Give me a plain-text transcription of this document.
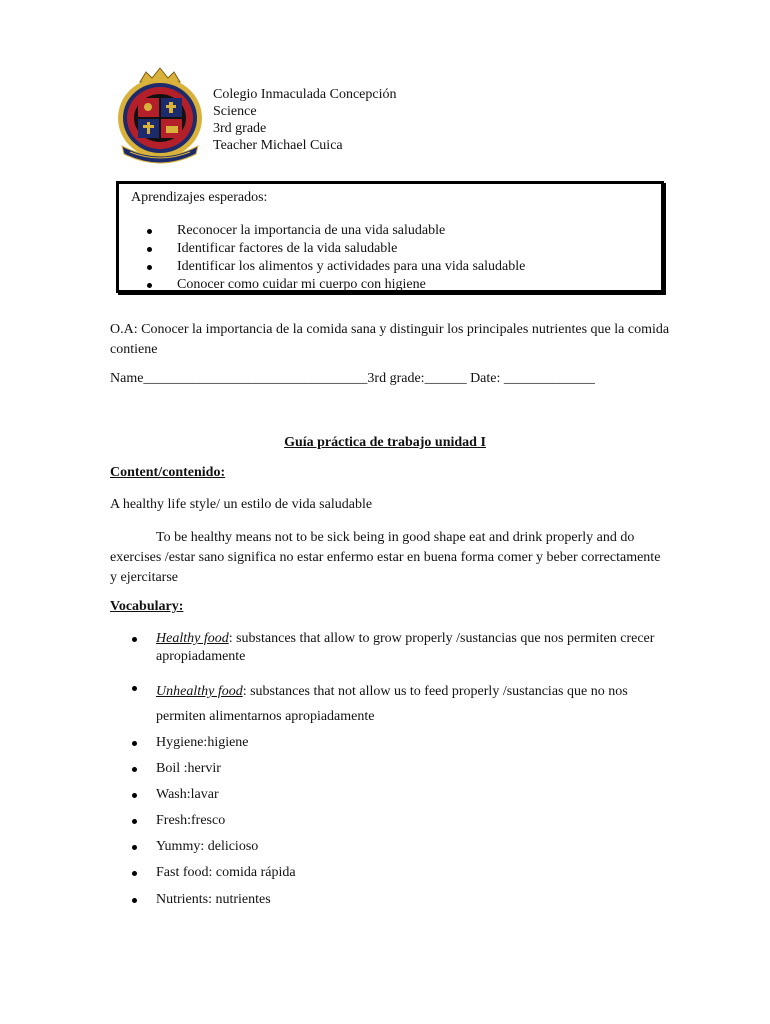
Colegio Inmaculada Concepción
Science
3rd grade
Teacher Michael Cuica
Aprendizajes esperados:
Reconocer la importancia de una vida saludable
Identificar factores de la vida saludable
Identificar los alimentos y actividades para una vida saludable
Conocer como cuidar mi cuerpo con higiene
O.A: Conocer la importancia de la comida sana y distinguir los principales nutrientes que la comida contiene
Name________________________________3rd grade:______ Date: _____________
Guía práctica de trabajo unidad I
Content/contenido:
A healthy life style/ un estilo de vida saludable
To be healthy means not to be sick being in good shape eat and drink properly and do exercises /estar sano significa no estar enfermo estar en buena forma comer y beber correctamente y ejercitarse
Vocabulary:
Healthy food: substances that allow to grow properly /sustancias que nos permiten crecer apropiadamente
Unhealthy food: substances that not allow us to feed properly /sustancias que no nos permiten alimentarnos apropiadamente
Hygiene:higiene
Boil :hervir
Wash:lavar
Fresh:fresco
Yummy: delicioso
Fast food: comida rápida
Nutrients: nutrientes
